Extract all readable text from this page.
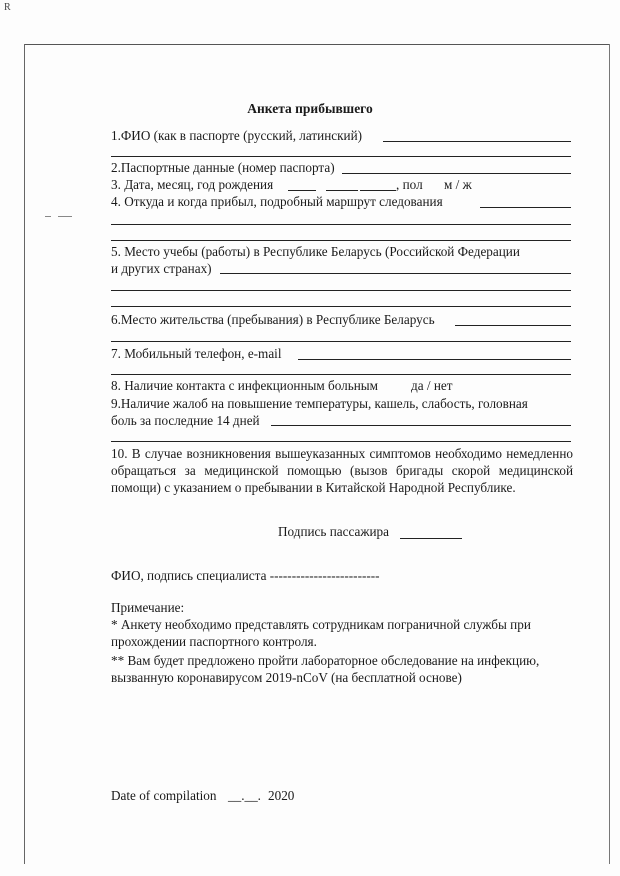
R
Анкета прибывшего
1.ФИО (как в паспорте (русский, латинский)
2.Паспортные данные (номер паспорта)
3. Дата, месяц, год рождения	, пол м / ж
4. Откуда и когда прибыл, подробный маршрут следования
5. Место учебы (работы) в Республике Беларусь (Российской Федерации
и других странах)
6.Место жительства (пребывания) в Республике Беларусь
7. Мобильный телефон, e-mail
8. Наличие контакта с инфекционным больным да / нет
9.Наличие жалоб на повышение температуры, кашель, слабость, головная
боль за последние 14 дней
10. В случае возникновения вышеуказанных симптомов необходимо немедленно обращаться за медицинской помощью (вызов бригады скорой медицинской помощи) с указанием о пребывании в Китайской Народной Республике.
Подпись пассажира
ФИО, подпись специалиста -------------------------
Примечание:
* Анкету необходимо представлять сотрудникам пограничной службы при
прохождении паспортного контроля.
** Вам будет предложено пройти лабораторное обследование на инфекцию,
вызванную коронавирусом 2019-nCoV (на бесплатной основе)
Date of compilation __.__. 2020
